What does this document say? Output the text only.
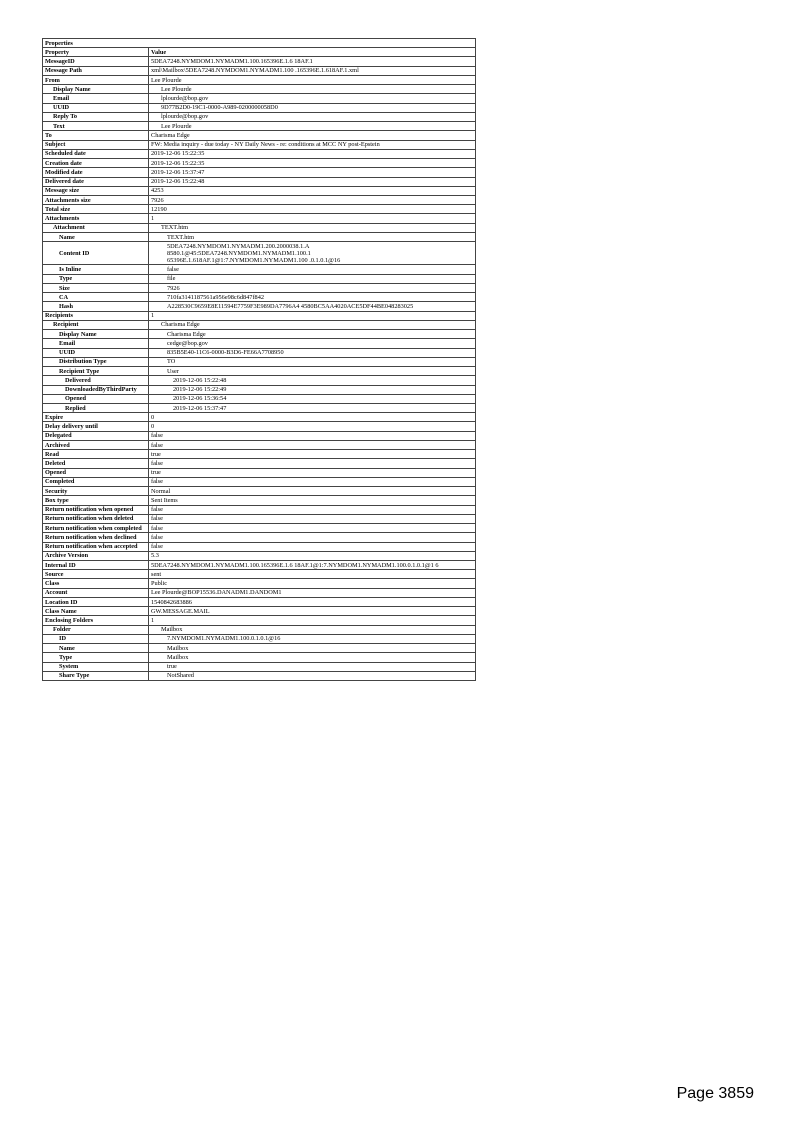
Properties	
Property	Value
MessageID	5DEA7248.NYMDOM1.NYMADM1.100.165396E.1.6 18AF.1
Message Path	xml\Mailbox\5DEA7248.NYMDOM1.NYMADM1.100 .165396E.1.618AF.1.xml
From	Lee Plourde
Display Name	Lee Plourde
Email	lplourde@bop.gov
UUID	9D77B2D0-19C1-0000-A989-0200000058D0
Reply To	lplourde@bop.gov
Text	Lee Plourde
To	Charisma Edge
Subject	FW: Media inquiry - due today - NY Daily News - re: conditions at MCC NY post-Epstein
Scheduled date	2019-12-06 15:22:35
Creation date	2019-12-06 15:22:35
Modified date	2019-12-06 15:37:47
Delivered date	2019-12-06 15:22:48
Message size	4253
Attachments size	7926
Total size	12190
Attachments	1
Attachment	TEXT.htm
Name	TEXT.htm
Content ID	5DEA7248.NYMDOM1.NYMADM1.200.2000038.1.A
8580.1@45:5DEA7248.NYMDOM1.NYMADM1.100.1
65396E.1.618AF.1@1:7.NYMDOM1.NYMADM1.100 .0.1.0.1@16
Is Inline	false
Type	file
Size	7926
CA	710fa3141187561a956e98c6d847f842
Hash	A228530C9659E8E11594E7759F3E989DA7796A4 4580BC5AA4020ACE5DF44BE048283025
Recipients	1
Recipient	Charisma Edge
Display Name	Charisma Edge
Email	cedge@bop.gov
UUID	835B5E40-11C6-0000-B3D6-FE66A7708950
Distribution Type	TO
Recipient Type	User
Delivered	2019-12-06 15:22:48
DownloadedByThirdParty	2019-12-06 15:22:49
Opened	2019-12-06 15:36:54
Replied	2019-12-06 15:37:47
Expire	0
Delay delivery until	0
Delegated	false
Archived	false
Read	true
Deleted	false
Opened	true
Completed	false
Security	Normal
Box type	Sent Items
Return notification when opened	false
Return notification when deleted	false
Return notification when completed	false
Return notification when declined	false
Return notification when accepted	false
Archive Version	5.3
Internal ID	5DEA7248.NYMDOM1.NYMADM1.100.165396E.1.6 18AF.1@1:7.NYMDOM1.NYMADM1.100.0.1.0.1@1 6
Source	sent
Class	Public
Account	Lee Plourde@BOP15536.DANADM1.DANDOM1
Location ID	1540842683886
Class Name	GW.MESSAGE.MAIL
Enclosing Folders	1
Folder	Mailbox
ID	7.NYMDOM1.NYMADM1.100.0.1.0.1@16
Name	Mailbox
Type	Mailbox
System	true
Share Type	NotShared
Page 3859
